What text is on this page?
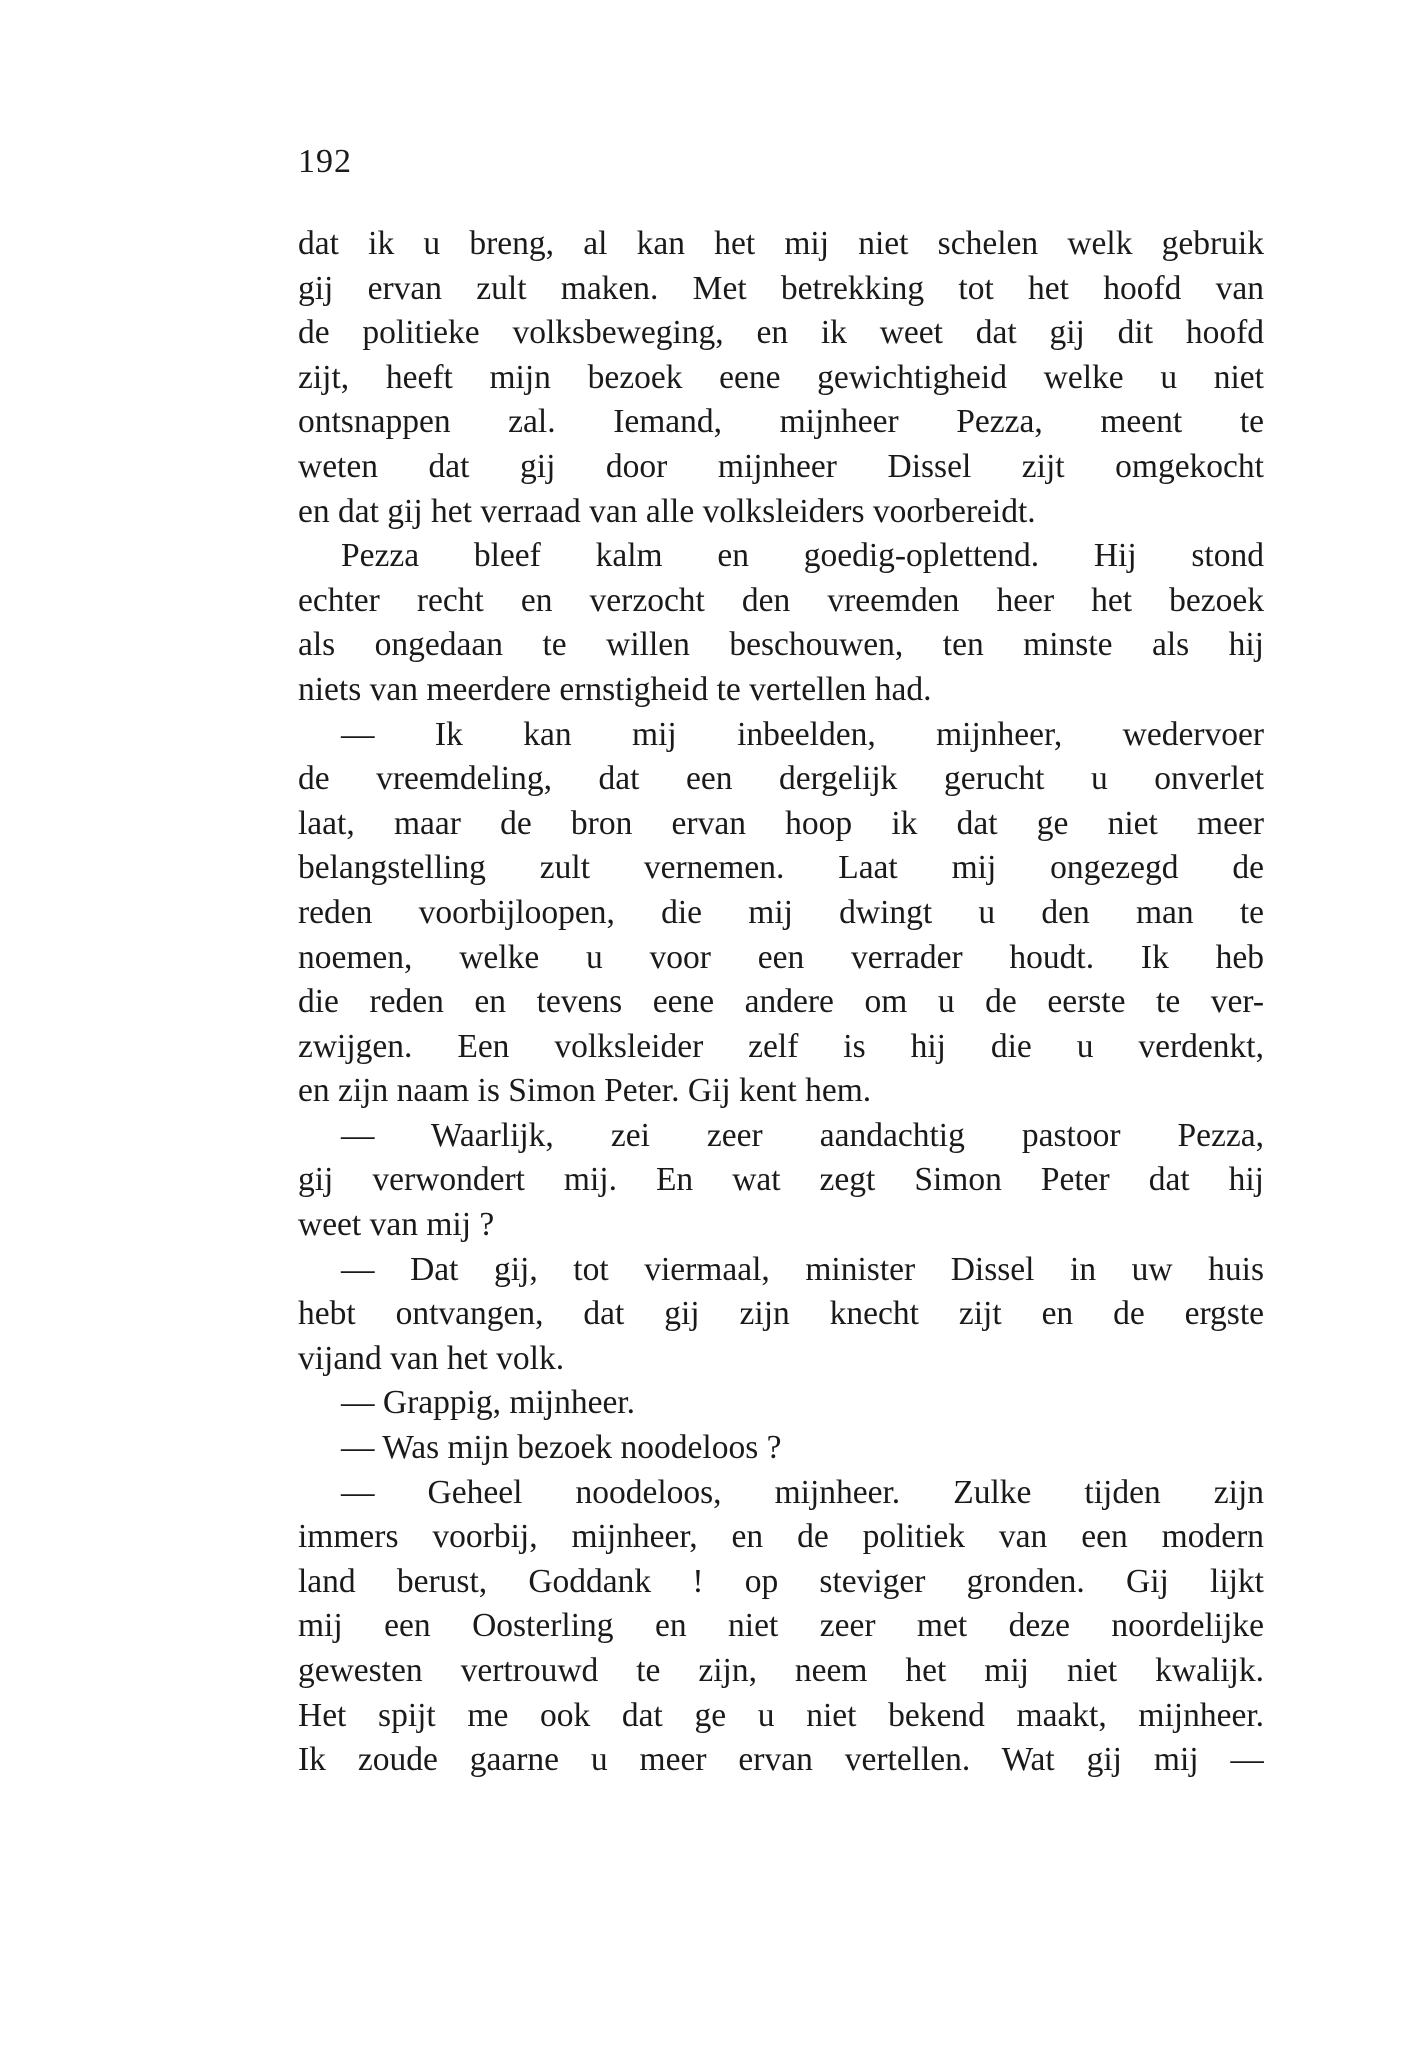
192
dat ik u breng, al kan het mij niet schelen welk gebruik
gij ervan zult maken. Met betrekking tot het hoofd van
de politieke volksbeweging, en ik weet dat gij dit hoofd
zijt, heeft mijn bezoek eene gewichtigheid welke u niet
ontsnappen zal. Iemand, mijnheer Pezza, meent te
weten dat gij door mijnheer Dissel zijt omgekocht
en dat gij het verraad van alle volksleiders voorbereidt.
Pezza bleef kalm en goedig-oplettend. Hij stond
echter recht en verzocht den vreemden heer het bezoek
als ongedaan te willen beschouwen, ten minste als hij
niets van meerdere ernstigheid te vertellen had.
— Ik kan mij inbeelden, mijnheer, wedervoer
de vreemdeling, dat een dergelijk gerucht u onverlet
laat, maar de bron ervan hoop ik dat ge niet meer
belangstelling zult vernemen. Laat mij ongezegd de
reden voorbijloopen, die mij dwingt u den man te
noemen, welke u voor een verrader houdt. Ik heb
die reden en tevens eene andere om u de eerste te ver-
zwijgen. Een volksleider zelf is hij die u verdenkt,
en zijn naam is Simon Peter. Gij kent hem.
— Waarlijk, zei zeer aandachtig pastoor Pezza,
gij verwondert mij. En wat zegt Simon Peter dat hij
weet van mij ?
— Dat gij, tot viermaal, minister Dissel in uw huis
hebt ontvangen, dat gij zijn knecht zijt en de ergste
vijand van het volk.
— Grappig, mijnheer.
— Was mijn bezoek noodeloos ?
— Geheel noodeloos, mijnheer. Zulke tijden zijn
immers voorbij, mijnheer, en de politiek van een modern
land berust, Goddank ! op steviger gronden. Gij lijkt
mij een Oosterling en niet zeer met deze noordelijke
gewesten vertrouwd te zijn, neem het mij niet kwalijk.
Het spijt me ook dat ge u niet bekend maakt, mijnheer.
Ik zoude gaarne u meer ervan vertellen. Wat gij mij —
